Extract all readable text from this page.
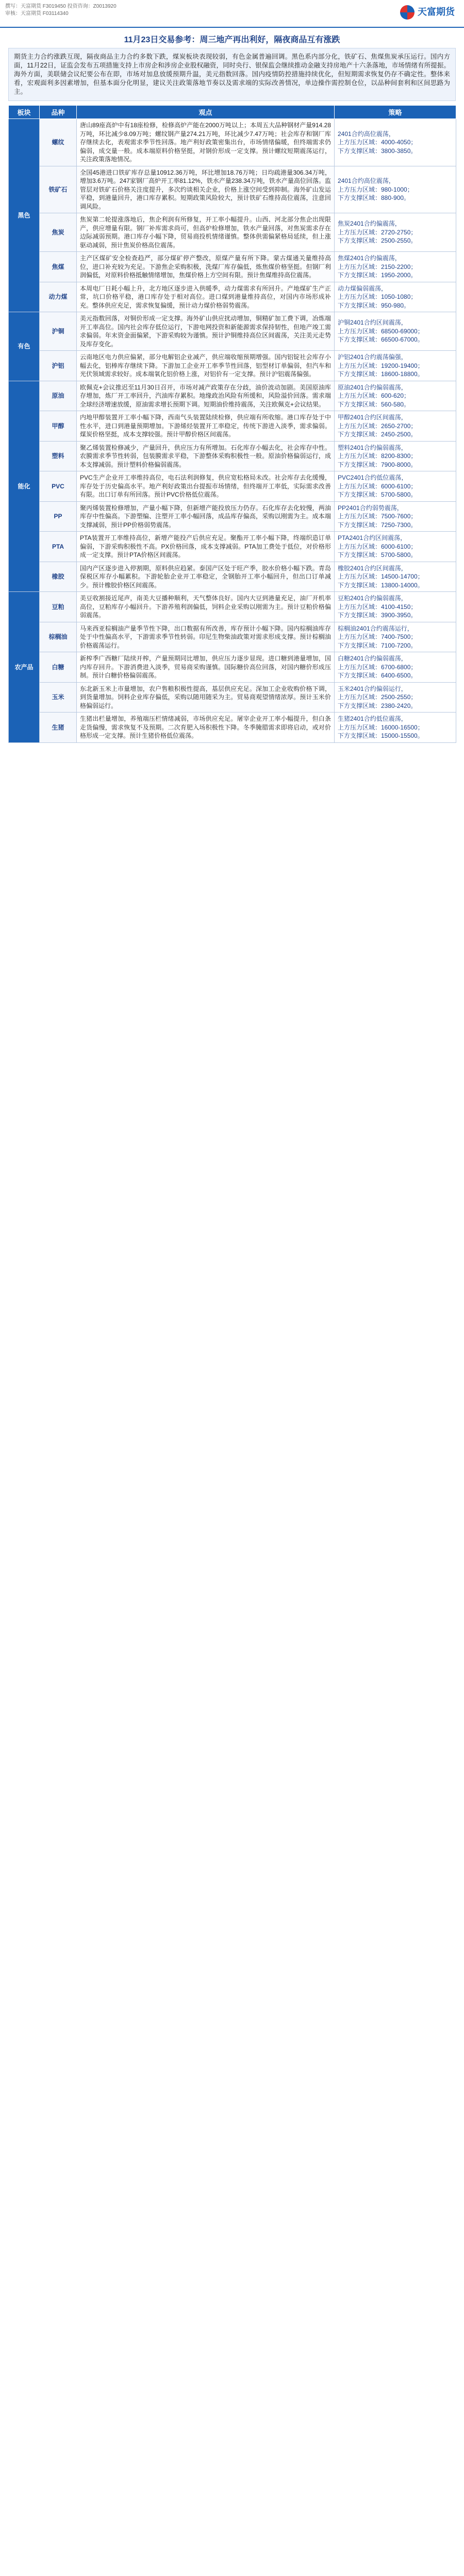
撰写：天富期货 F3019450 投资咨询：Z0013920
审核：天富期货 F03114340	天富期货
11月23日交易参考：周三地产再出利好，隔夜商品互有涨跌
期货主力合约涨跌互现，隔夜商品主力合约多数下跌，煤炭板块表现较弱，有色金属普遍回调。黑色系内部分化，铁矿石、焦煤焦炭承压运行。国内方面，11月22日，证监会发布五项措施支持上市房企和涉房企业股权融资，同时央行、银保监会继续推动金融支持房地产十六条落地，市场情绪有所提振。海外方面，美联储会议纪要公布在即，市场对加息放缓预期升温，美元指数回落。国内疫情防控措施持续优化，但短期需求恢复仍存不确定性。整体来看，宏观面利多因素增加，但基本面分化明显，建议关注政策落地节奏以及需求端的实际改善情况，单边操作需控制仓位，以品种间套利和区间思路为主。
板块	品种	观点	策略
黑色	螺纹	唐山89座高炉中有18座检修，检修高炉产能在2000万吨以上；本周五大品种钢材产量914.28万吨，环比减少8.09万吨；螺纹钢产量274.21万吨，环比减少7.47万吨；社会库存和钢厂库存继续去化，表观需求季节性回落。地产利好政策密集出台，市场情绪偏暖，但终端需求仍偏弱，成交量一般。成本端原料价格坚挺，对钢价形成一定支撑。预计螺纹短期震荡运行，关注政策落地情况。	2401合约高位震荡，
上方压力区域：4000-4050；
下方支撑区域：3800-3850。
	铁矿石	全国45港进口铁矿库存总量10912.36万吨，环比增加18.76万吨；日均疏港量306.34万吨，增加3.6万吨。247家钢厂高炉开工率81.12%，铁水产量238.34万吨，铁水产量高位回落。监管层对铁矿石价格关注度提升，多次约谈相关企业，价格上涨空间受到抑制。海外矿山发运平稳，到港量回升，港口库存累积。短期政策风险较大，预计铁矿石维持高位震荡，注意回调风险。	2401合约高位震荡，
上方压力区域：980-1000；
下方支撑区域：880-900。
	焦炭	焦炭第二轮提涨落地后，焦企利润有所修复，开工率小幅提升。山西、河北部分焦企出现限产，供应增量有限。钢厂补库需求尚可，但高炉检修增加，铁水产量回落，对焦炭需求存在边际减弱预期。港口库存小幅下降，贸易商投机情绪谨慎。整体供需偏紧格局延续，但上涨驱动减弱，预计焦炭价格高位震荡。	焦炭2401合约偏震荡，
上方压力区域：2720-2750；
下方支撑区域：2500-2550。
	焦煤	主产区煤矿安全检查趋严，部分煤矿停产整改，原煤产量有所下降。蒙古煤通关量维持高位，进口补充较为充足。下游焦企采购积极，洗煤厂库存偏低，炼焦煤价格坚挺。但钢厂利润偏低，对原料价格抵触情绪增加，焦煤价格上方空间有限。预计焦煤维持高位震荡。	焦煤2401合约偏震荡，
上方压力区域：2150-2200；
下方支撑区域：1950-2000。
	动力煤	本周电厂日耗小幅上升，北方地区逐步进入供暖季，动力煤需求有所回升。产地煤矿生产正常，坑口价格平稳，港口库存处于相对高位。进口煤到港量维持高位，对国内市场形成补充。整体供应充足，需求恢复偏缓，预计动力煤价格弱势震荡。	动力煤偏弱震荡，
上方压力区域：1050-1080；
下方支撑区域：950-980。
有色	沪铜	美元指数回落，对铜价形成一定支撑。海外矿山供应扰动增加，铜精矿加工费下调，冶炼端开工率高位。国内社会库存低位运行，下游电网投资和新能源需求保持韧性，但地产竣工需求偏弱。年末资金面偏紧，下游采购较为谨慎。预计沪铜维持高位区间震荡，关注美元走势及库存变化。	沪铜2401合约区间震荡，
上方压力区域：68500-69000；
下方支撑区域：66500-67000。
	沪铝	云南地区电力供应偏紧，部分电解铝企业减产，供应端收缩预期增强。国内铝锭社会库存小幅去化，铝棒库存继续下降。下游加工企业开工率季节性回落，铝型材订单偏弱，但汽车和光伏领域需求较好。成本端氧化铝价格上涨，对铝价有一定支撑。预计沪铝震荡偏强。	沪铝2401合约震荡偏强，
上方压力区域：19200-19400；
下方支撑区域：18600-18800。
能化	原油	欧佩克+会议推迟至11月30日召开，市场对减产政策存在分歧，油价波动加剧。美国原油库存增加，炼厂开工率回升，汽油库存累积。地缘政治风险有所缓和，风险溢价回落。需求端全球经济增速放缓，原油需求增长预期下调。短期油价维持震荡，关注欧佩克+会议结果。	原油2401合约偏弱震荡，
上方压力区域：600-620；
下方支撑区域：560-580。
	甲醇	内地甲醇装置开工率小幅下降，西南气头装置陆续检修，供应端有所收缩。港口库存处于中性水平，进口到港量预期增加。下游烯烃装置开工率稳定，传统下游进入淡季，需求偏弱。煤炭价格坚挺，成本支撑较强。预计甲醇价格区间震荡。	甲醇2401合约区间震荡，
上方压力区域：2650-2700；
下方支撑区域：2450-2500。
	塑料	聚乙烯装置检修减少，产量回升，供应压力有所增加。石化库存小幅去化，社会库存中性。农膜需求季节性转弱，包装膜需求平稳，下游整体采购积极性一般。原油价格偏弱运行，成本支撑减弱。预计塑料价格偏弱震荡。	塑料2401合约偏弱震荡，
上方压力区域：8200-8300；
下方支撑区域：7900-8000。
	PVC	PVC生产企业开工率维持高位，电石法利润修复，供应宽松格局未改。社会库存去化缓慢，库存处于历史偏高水平。地产利好政策出台提振市场情绪，但终端开工率低，实际需求改善有限。出口订单有所回落。预计PVC价格低位震荡。	PVC2401合约低位震荡，
上方压力区域：6000-6100；
下方支撑区域：5700-5800。
	PP	聚丙烯装置检修增加，产量小幅下降，但新增产能投放压力仍存。石化库存去化较慢，两油库存中性偏高。下游塑编、注塑开工率小幅回落，成品库存偏高，采购以刚需为主。成本端支撑减弱，预计PP价格弱势震荡。	PP2401合约弱势震荡，
上方压力区域：7500-7600；
下方支撑区域：7250-7300。
	PTA	PTA装置开工率维持高位，新增产能投产后供应充足。聚酯开工率小幅下降，终端织造订单偏弱，下游采购积极性不高。PX价格回落，成本支撑减弱。PTA加工费处于低位，对价格形成一定支撑。预计PTA价格区间震荡。	PTA2401合约区间震荡，
上方压力区域：6000-6100；
下方支撑区域：5700-5800。
	橡胶	国内产区逐步进入停割期，原料供应趋紧。泰国产区处于旺产季，胶水价格小幅下跌。青岛保税区库存小幅累积。下游轮胎企业开工率稳定，全钢胎开工率小幅回升，但出口订单减少。预计橡胶价格区间震荡。	橡胶2401合约区间震荡，
上方压力区域：14500-14700；
下方支撑区域：13800-14000。
农产品	豆粕	美豆收割接近尾声，南美大豆播种顺利，天气整体良好。国内大豆到港量充足，油厂开机率高位，豆粕库存小幅回升。下游养殖利润偏低，饲料企业采购以刚需为主。预计豆粕价格偏弱震荡。	豆粕2401合约偏弱震荡，
上方压力区域：4100-4150；
下方支撑区域：3900-3950。
	棕榈油	马来西亚棕榈油产量季节性下降，出口数据有所改善，库存预计小幅下降。国内棕榈油库存处于中性偏高水平，下游需求季节性转弱。印尼生物柴油政策对需求形成支撑。预计棕榈油价格震荡运行。	棕榈油2401合约震荡运行，
上方压力区域：7400-7500；
下方支撑区域：7100-7200。
	白糖	新榨季广西糖厂陆续开榨，产量预期同比增加，供应压力逐步显现。进口糖到港量增加，国内库存回升。下游消费进入淡季，贸易商采购谨慎。国际糖价高位回落，对国内糖价形成压制。预计白糖价格偏弱震荡。	白糖2401合约偏弱震荡，
上方压力区域：6700-6800；
下方支撑区域：6400-6500。
	玉米	东北新玉米上市量增加，农户售粮积极性提高，基层供应充足。深加工企业收购价格下调，到货量增加。饲料企业库存偏低，采购以随用随采为主。贸易商观望情绪浓厚。预计玉米价格偏弱运行。	玉米2401合约偏弱运行，
上方压力区域：2500-2550；
下方支撑区域：2380-2420。
	生猪	生猪出栏量增加，养殖端压栏情绪减弱，市场供应充足。屠宰企业开工率小幅提升，但白条走货偏慢，需求恢复不及预期。二次育肥入场积极性下降。冬季腌腊需求即将启动，或对价格形成一定支撑。预计生猪价格低位震荡。	生猪2401合约低位震荡，
上方压力区域：16000-16500；
下方支撑区域：15000-15500。
